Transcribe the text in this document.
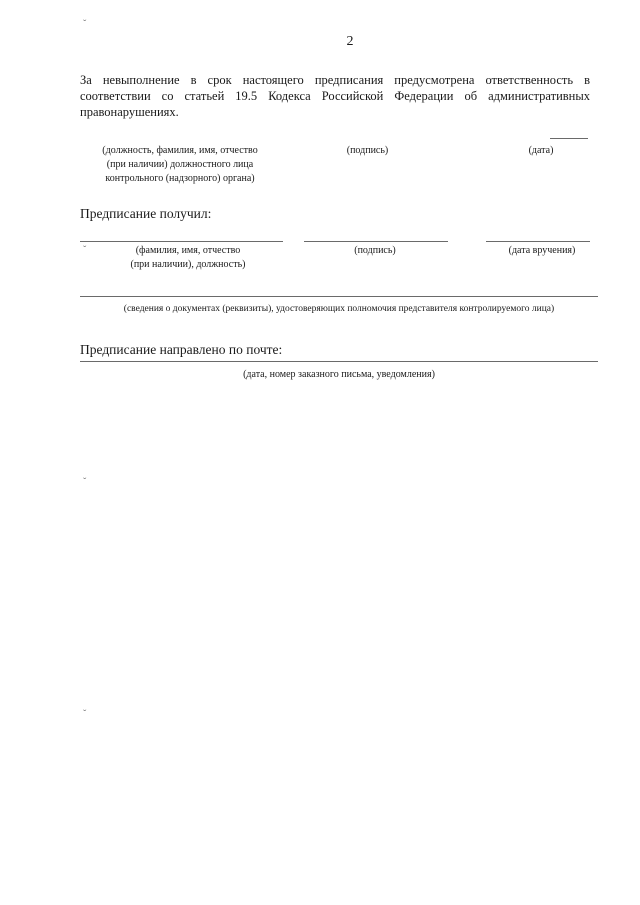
ˇ
ˇ
ˇ
2
За невыполнение в срок настоящего предписания предусмотрена ответственность в соответствии со статьей 19.5 Кодекса Российской Федерации об административных правонарушениях.
(должность, фамилия, имя, отчество
(при наличии) должностного лица
контрольного (надзорного) органа)
(подпись)	(дата)
Предписание получил:
ˇ	(фамилия, имя, отчество
(при наличии), должность)
(подпись)	(дата вручения)
(сведения о документах (реквизиты), удостоверяющих полномочия представителя контролируемого лица)
Предписание направлено по почте:
(дата, номер заказного письма, уведомления)
